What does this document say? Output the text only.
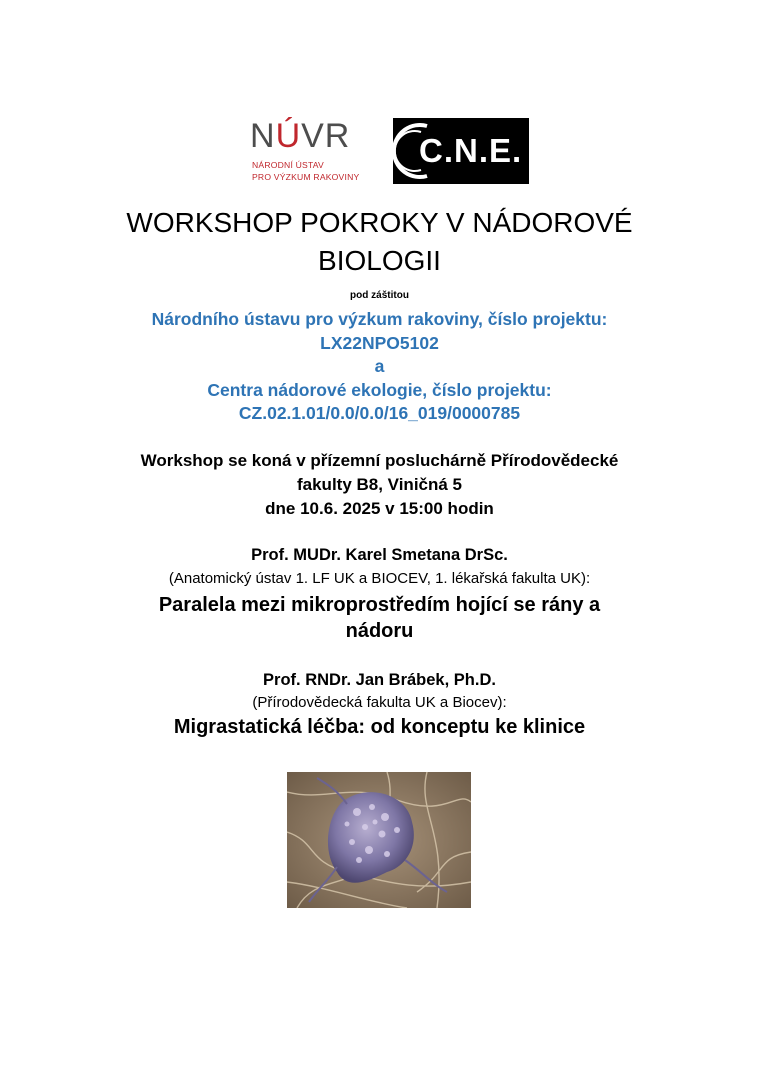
NÚVR
NÁRODNÍ ÚSTAV
PRO VÝZKUM RAKOVINY
C.N.E.
WORKSHOP POKROKY V NÁDOROVÉ
BIOLOGII
pod záštitou
Národního ústavu pro výzkum rakoviny, číslo projektu:
LX22NPO5102
a
Centra nádorové ekologie, číslo projektu:
CZ.02.1.01/0.0/0.0/16_019/0000785
Workshop se koná v přízemní posluchárně Přírodovědecké
fakulty B8, Viničná 5
dne 10.6. 2025 v 15:00 hodin
Prof. MUDr. Karel Smetana DrSc.
(Anatomický ústav 1. LF UK a BIOCEV, 1. lékařská fakulta UK):
Paralela mezi mikroprostředím hojící se rány a
nádoru
Prof. RNDr. Jan Brábek, Ph.D.
(Přírodovědecká fakulta UK a Biocev):
Migrastatická léčba: od konceptu ke klinice
